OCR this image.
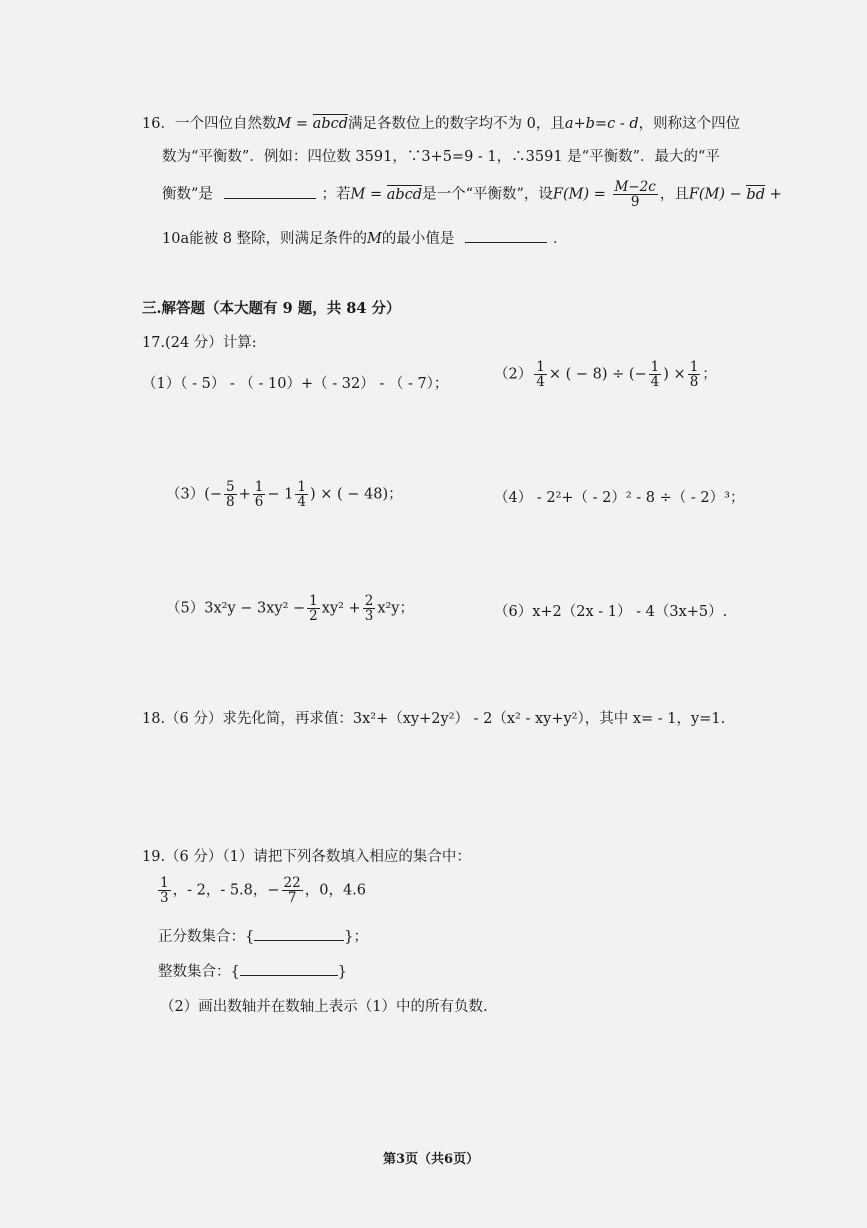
16．一个四位自然数M = abcd满足各数位上的数字均不为 0，且a+b=c - d，则称这个四位
数为“平衡数”．例如：四位数 3591，∵3+5=9 - 1，∴3591 是“平衡数”．最大的“平
衡数”是	；若M = abcd是一个“平衡数”，设$F(M) = \frac{M-2c}{9}$ ，且F(M) − bd +
10a能被 8 整除，则满足条件的M的最小值是	．
三.解答题（本大题有 9 题，共 84 分）
17.(24 分）计算:
（1）（ - 5） - （ - 10）+（ - 32） - （ - 7）；
$(2) \frac{1}{4}$ × ( − 8) ÷ (− $\frac{1}{4}$ ) × $\frac{1}{8}$ ；
$(3)(- \frac{5}{8} + \frac{1}{6} - 1 \frac{1}{4}$ ) × ( − 48)；	（4） - 2²+（ - 2）² - 8 ÷（ - 2）³；
$(5)3x^2y - 3xy^2 - \frac{1}{2} xy^2 + \frac{2}{3} x^2y$；	（6）x+2（2x - 1） - 4（3x+5）.
18.（6 分）求先化简，再求值：3x²+（xy+2y²） - 2（x² - xy+y²），其中 x= - 1，y=1.
19.（6 分）（1）请把下列各数填入相应的集合中：
$\frac{1}{3}$ ，- 2，- 5.8，− $\frac{22}{7}$ ，0，4.6
正分数集合：{	}；
整数集合：{	}
（2）画出数轴并在数轴上表示（1）中的所有负数.
第3页（共6页）
